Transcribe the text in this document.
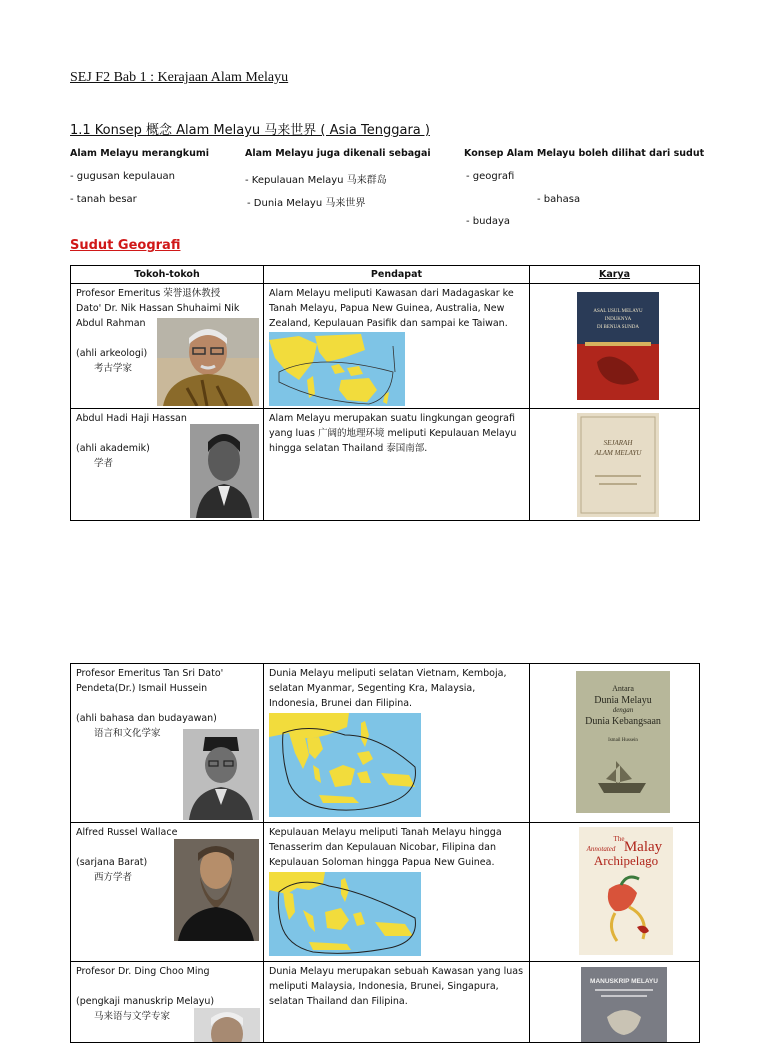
SEJ F2 Bab 1 : Kerajaan Alam Melayu
1.1 Konsep 概念 Alam Melayu 马来世界 ( Asia Tenggara )
Alam Melayu merangkumi	Alam Melayu juga dikenali sebagai	Konsep Alam Melayu boleh dilihat dari sudut
- gugusan kepulauan
- tanah besar
- Kepulauan Melayu 马来群岛
- Dunia Melayu 马来世界
- geografi
- bahasa
- budaya
Sudut Geografi
Tokoh-tokoh	Pendapat	Karya

Profesor Emeritus 荣誉退休教授
Dato' Dr. Nik Hassan Shuhaimi Nik
Abdul Rahman
(ahli arkeologi)
考古学家	Alam Melayu meliputi Kawasan dari Madagaskar ke Tanah Melayu, Papua New Guinea, Australia, New Zealand, Kepulauan Pasifik dan sampai ke Taiwan.	ASAL USUL MELAYU
INDUKNYA
DI BENUA SUNDA

Abdul Hadi Haji Hassan
(ahli akademik)
学者	Alam Melayu merupakan suatu lingkungan geografi yang luas 广阔的地理环境 meliputi Kepulauan Melayu hingga selatan Thailand 泰国南部.	SEJARAH
ALAM MELAYU
Profesor Emeritus Tan Sri Dato'
Pendeta(Dr.) Ismail Hussein
(ahli bahasa dan budayawan)
语言和文化学家	Dunia Melayu meliputi selatan Vietnam, Kemboja, selatan Myanmar, Segenting Kra, Malaysia, Indonesia, Brunei dan Filipina.	Antara
Dunia Melayu
dengan
Dunia Kebangsaan
Ismail Hussein

Alfred Russel Wallace
(sarjana Barat)
西方学者	Kepulauan Melayu meliputi Tanah Melayu hingga Tenasserim dan Kepulauan Nicobar, Filipina dan Kepulauan Soloman hingga Papua New Guinea.	The
Annotated Malay
Archipelago

Profesor Dr. Ding Choo Ming
(pengkaji manuskrip Melayu)
马来语与文学专家	Dunia Melayu merupakan sebuah Kawasan yang luas meliputi Malaysia, Indonesia, Brunei, Singapura, selatan Thailand dan Filipina.	MANUSKRIP MELAYU
